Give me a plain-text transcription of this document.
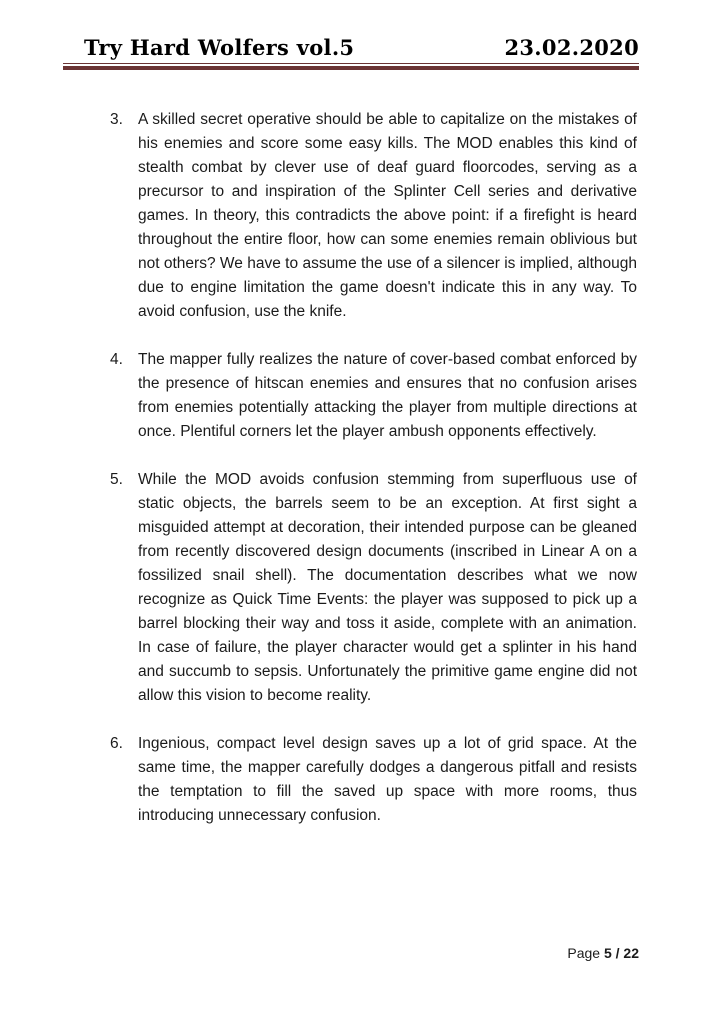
Try Hard Wolfers vol.5	23.02.2020
3. A skilled secret operative should be able to capitalize on the mistakes of his enemies and score some easy kills. The MOD enables this kind of stealth combat by clever use of deaf guard floorcodes, serving as a precursor to and inspiration of the Splinter Cell series and derivative games. In theory, this contradicts the above point: if a firefight is heard throughout the entire floor, how can some enemies remain oblivious but not others? We have to assume the use of a silencer is implied, although due to engine limitation the game doesn't indicate this in any way. To avoid confusion, use the knife.
4. The mapper fully realizes the nature of cover-based combat enforced by the presence of hitscan enemies and ensures that no confusion arises from enemies potentially attacking the player from multiple directions at once. Plentiful corners let the player ambush opponents effectively.
5. While the MOD avoids confusion stemming from superfluous use of static objects, the barrels seem to be an exception. At first sight a misguided attempt at decoration, their intended purpose can be gleaned from recently discovered design documents (inscribed in Linear A on a fossilized snail shell). The documentation describes what we now recognize as Quick Time Events: the player was supposed to pick up a barrel blocking their way and toss it aside, complete with an animation. In case of failure, the player character would get a splinter in his hand and succumb to sepsis. Unfortunately the primitive game engine did not allow this vision to become reality.
6. Ingenious, compact level design saves up a lot of grid space. At the same time, the mapper carefully dodges a dangerous pitfall and resists the temptation to fill the saved up space with more rooms, thus introducing unnecessary confusion.
Page 5 / 22
